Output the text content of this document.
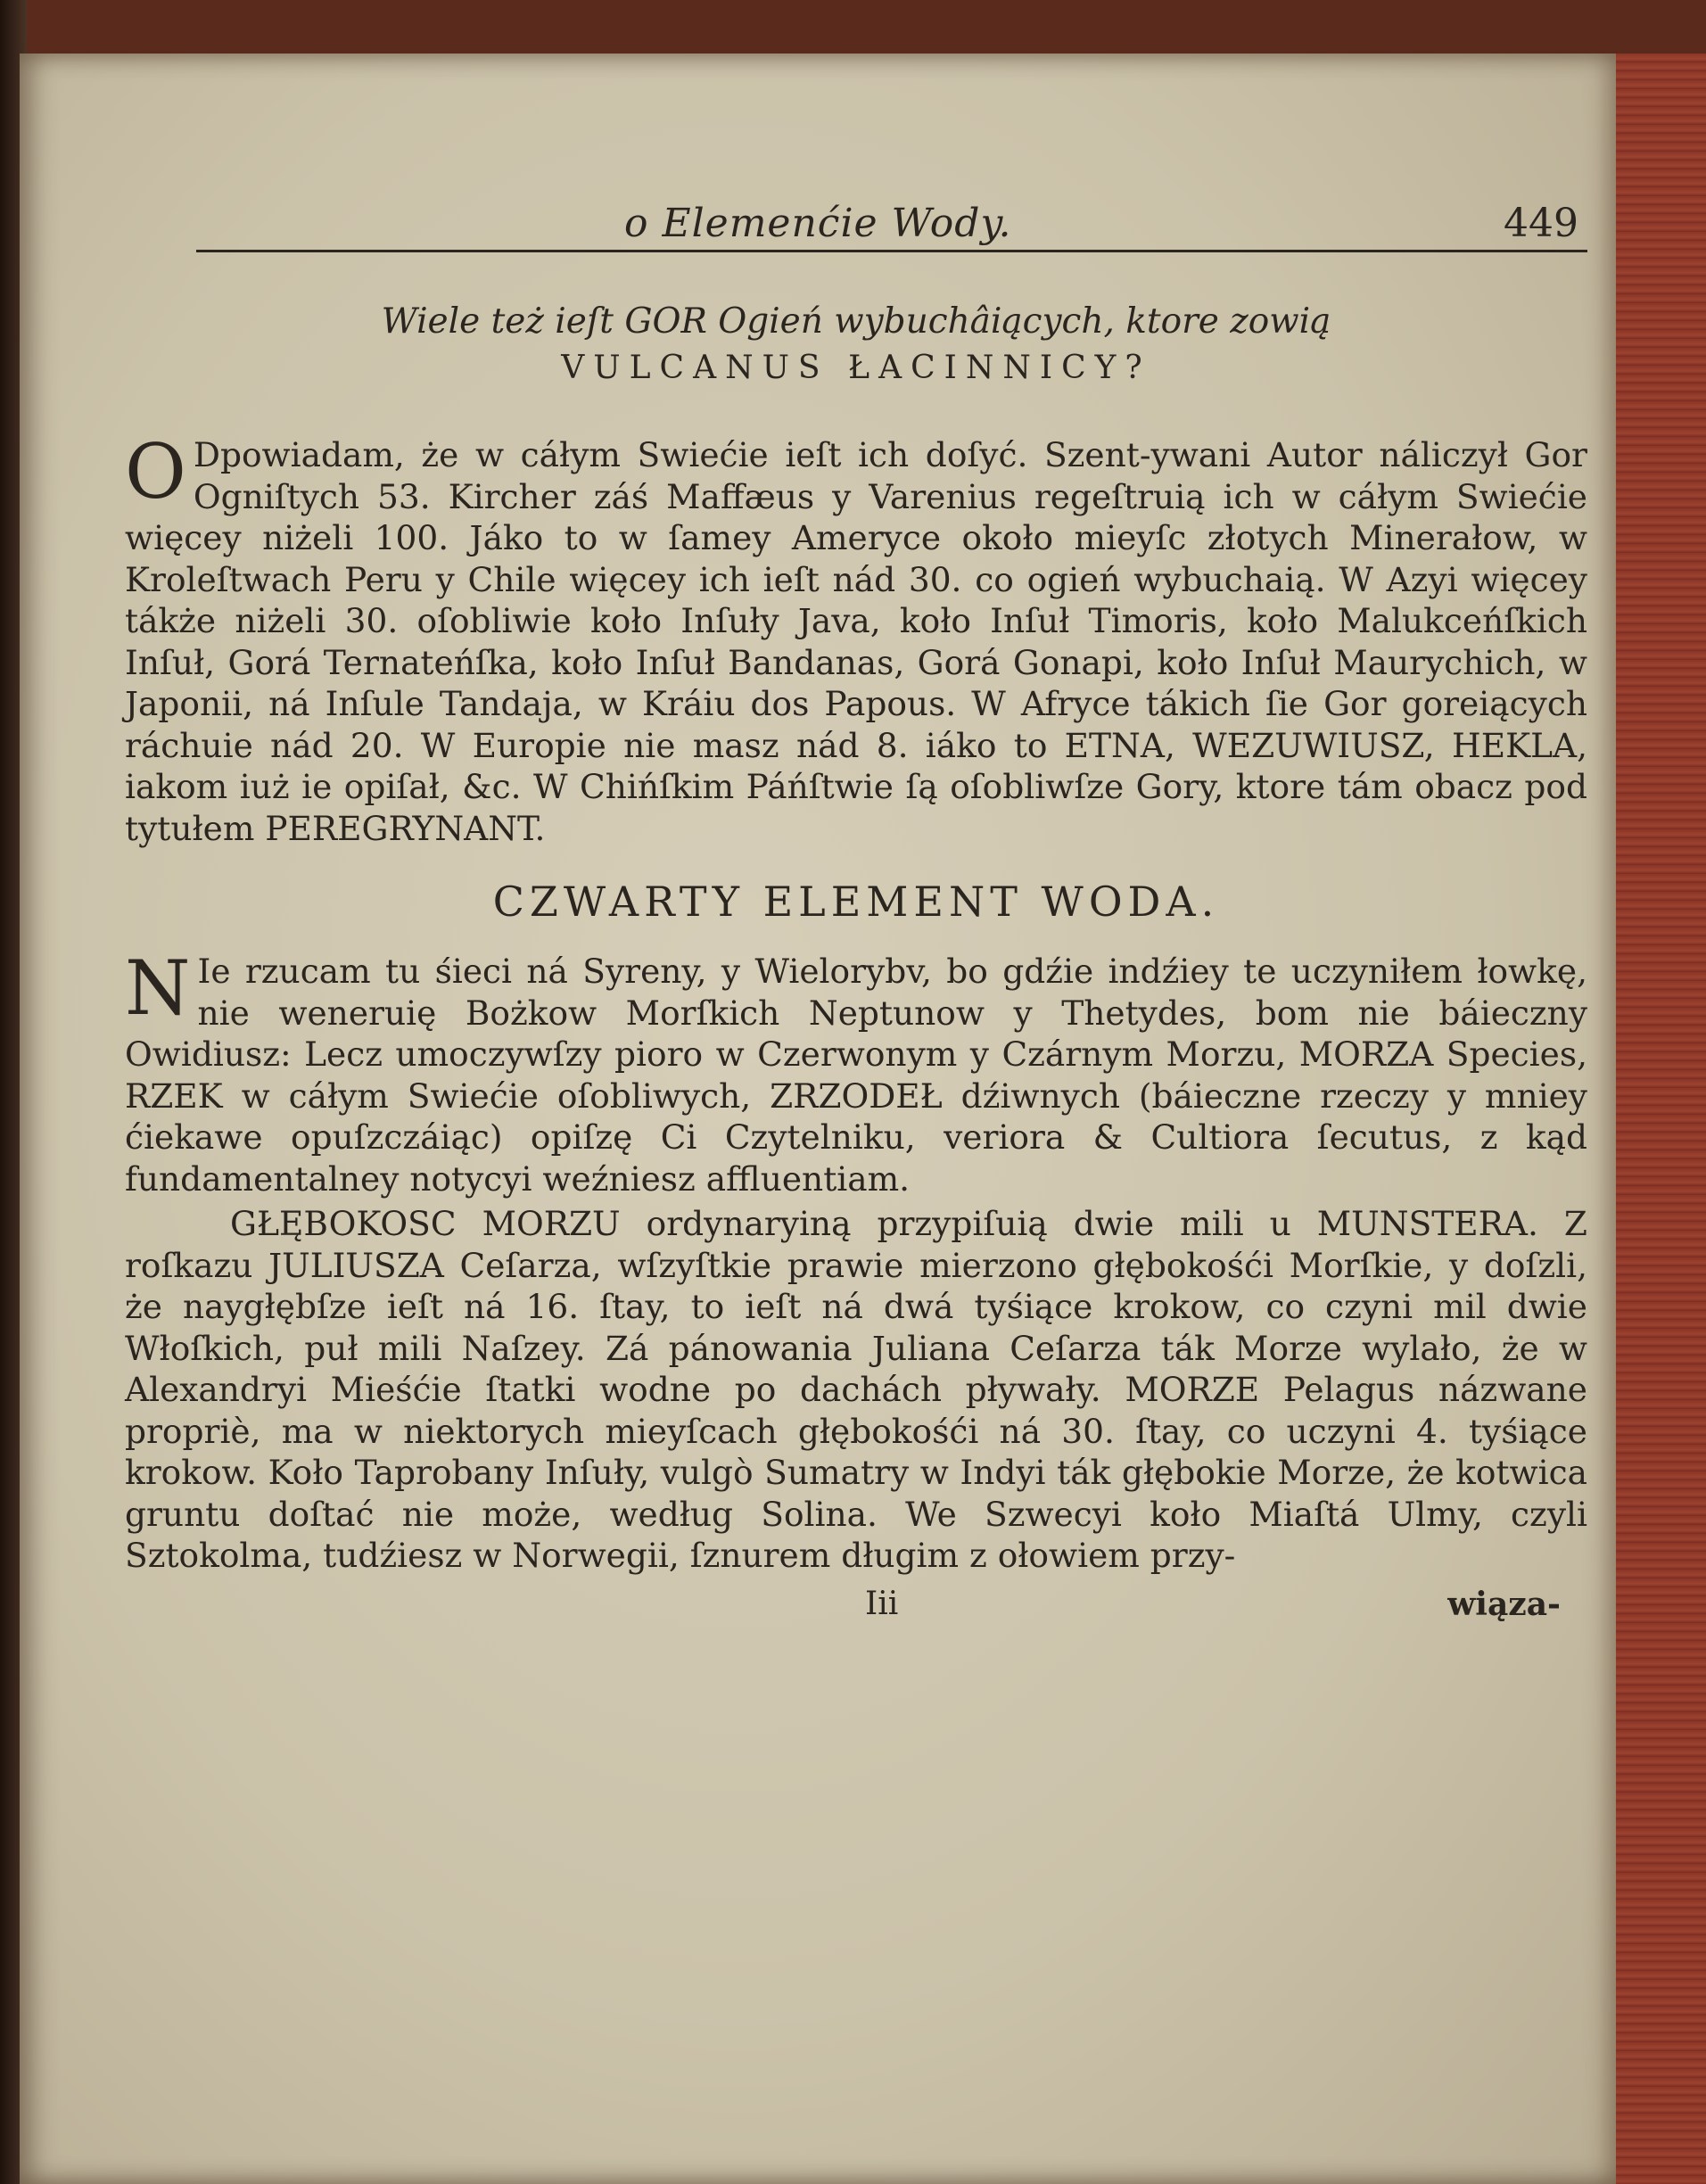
o Elemenćie Wody.	449
Wiele też ieſt GOR Ogień wybuchâiących, ktore zowią
VULCANUS ŁACINNICY?

O Dpowiadam, że w cáłym Swiećie ieſt ich doſyć. Szent-ywani Autor náliczył Gor Ogniſtych 53. Kircher záś Maffæus y Varenius regeſtruią ich w cáłym Swiećie więcey niżeli 100. Jáko to w ſamey Ameryce około mieyſc złotych Minerałow, w Kroleſtwach Peru y Chile więcey ich ieſt nád 30. co ogień wybuchaią. W Azyi więcey tákże niżeli 30. oſobliwie koło Inſuły Java, koło Inſuł Timoris, koło Malukceńſkich Inſuł, Gorá Ternateńſka, koło Inſuł Bandanas, Gorá Gonapi, koło Inſuł Maurychich, w Japonii, ná Inſule Tandaja, w Kráiu dos Papous. W Afryce tákich ſie Gor goreiących ráchuie nád 20. W Europie nie masz nád 8. iáko to ETNA, WEZUWIUSZ, HEKLA, iakom iuż ie opiſał, &c. W Chińſkim Páńſtwie ſą oſobliwſze Gory, ktore tám obacz pod tytułem PEREGRYNANT.

CZWARTY ELEMENT WODA.

N Ie rzucam tu śieci ná Syreny, y Wielorybv, bo gdźie indźiey te uczyniłem łowkę, nie weneruię Bożkow Morſkich Neptunow y Thetydes, bom nie báieczny Owidiusz: Lecz umoczywſzy pioro w Czerwonym y Czárnym Morzu, MORZA Species, RZEK w cáłym Swiećie oſobliwych, ZRZODEŁ dźiwnych (báieczne rzeczy y mniey ćiekawe opuſzczáiąc) opiſzę Ci Czytelniku, veriora & Cultiora ſecutus, z kąd fundamentalney notycyi weźniesz affluentiam.

GŁĘBOKOSC MORZU ordynaryiną przypiſuią dwie mili u MUNSTERA. Z roſkazu JULIUSZA Ceſarza, wſzyſtkie prawie mierzono głębokośći Morſkie, y doſzli, że naygłębſze ieſt ná 16. ſtay, to ieſt ná dwá tyśiące krokow, co czyni mil dwie Włoſkich, puł mili Naſzey. Zá pánowania Juliana Ceſarza ták Morze wylało, że w Alexandryi Mieśćie ſtatki wodne po dachách pływały. MORZE Pelagus názwane propriè, ma w niektorych mieyſcach głębokośći ná 30. ſtay, co uczyni 4. tyśiące krokow. Koło Taprobany Inſuły, vulgò Sumatry w Indyi ták głębokie Morze, że kotwica gruntu doſtać nie może, według Solina. We Szwecyi koło Miaſtá Ulmy, czyli Sztokolma, tudźiesz w Norwegii, ſznurem długim z ołowiem przy-

Iii	wiąza-
